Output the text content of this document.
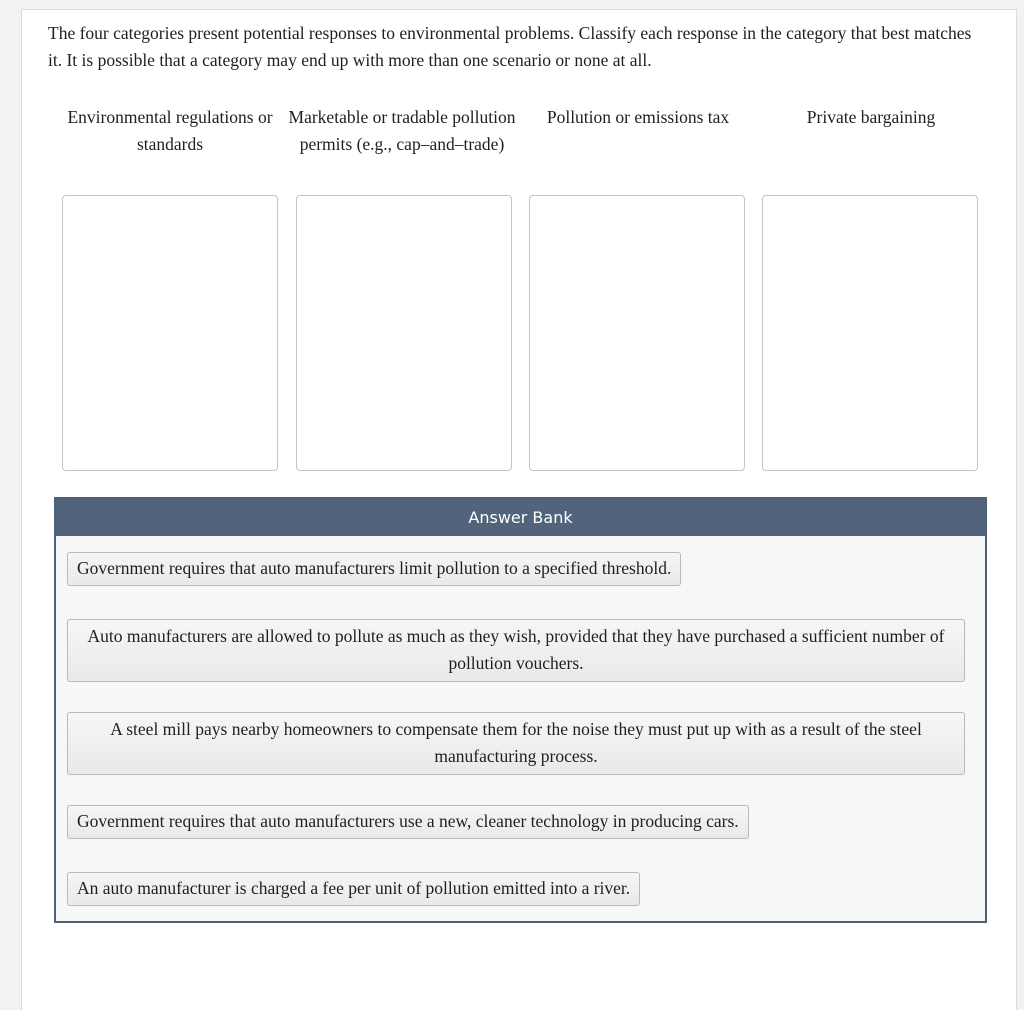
The four categories present potential responses to environmental problems. Classify each response in the category that best matches it. It is possible that a category may end up with more than one scenario or none at all.

Environmental regulations or standards
Marketable or tradable pollution permits (e.g., cap–and–trade)
Pollution or emissions tax	Private bargaining
Answer Bank
Government requires that auto manufacturers limit pollution to a specified threshold.
Auto manufacturers are allowed to pollute as much as they wish, provided that they have purchased a sufficient number of pollution vouchers.
A steel mill pays nearby homeowners to compensate them for the noise they must put up with as a result of the steel manufacturing process.
Government requires that auto manufacturers use a new, cleaner technology in producing cars.
An auto manufacturer is charged a fee per unit of pollution emitted into a river.
